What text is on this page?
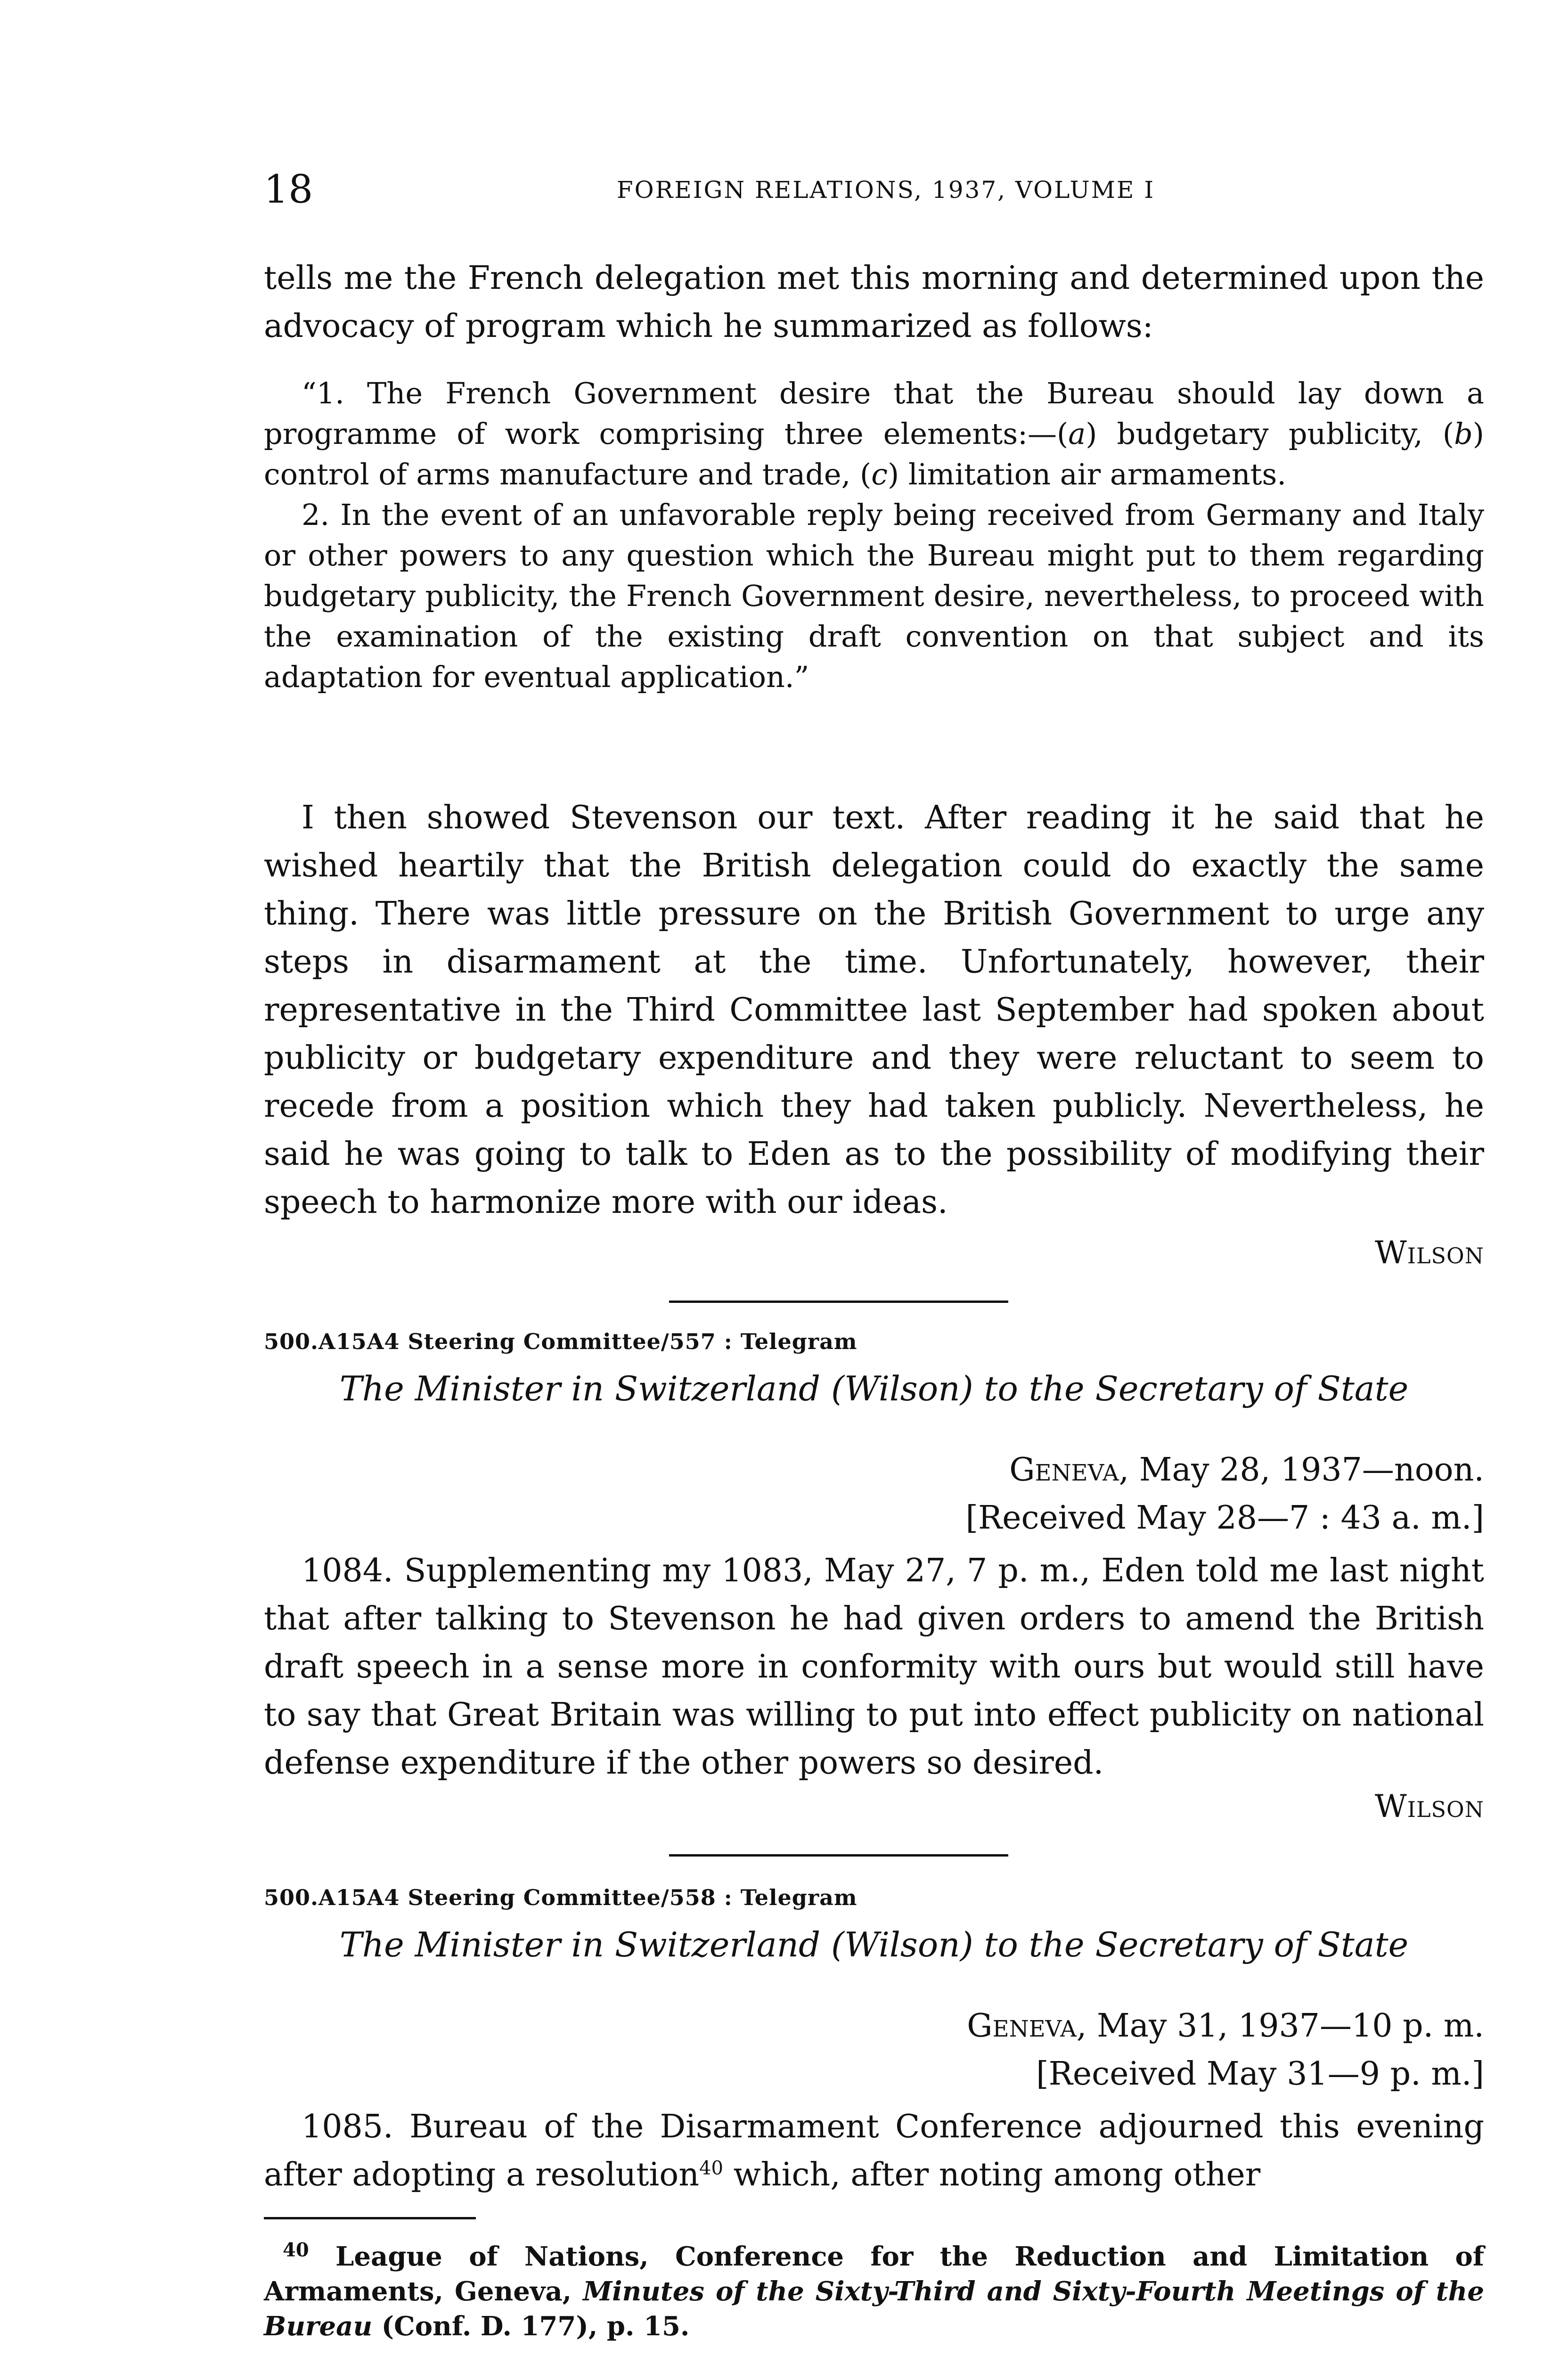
18	FOREIGN RELATIONS, 1937, VOLUME I

tells me the French delegation met this morning and determined upon the advocacy of program which he summarized as follows:

“1. The French Government desire that the Bureau should lay down a programme of work comprising three elements:—(a) budgetary publicity, (b) control of arms manufacture and trade, (c) limitation air armaments.

2. In the event of an unfavorable reply being received from Germany and Italy or other powers to any question which the Bureau might put to them regarding budgetary publicity, the French Government desire, nevertheless, to proceed with the examination of the existing draft convention on that subject and its adaptation for eventual application.”

I then showed Stevenson our text. After reading it he said that he wished heartily that the British delegation could do exactly the same thing. There was little pressure on the British Government to urge any steps in disarmament at the time. Unfortunately, however, their representative in the Third Committee last September had spoken about publicity or budgetary expenditure and they were reluctant to seem to recede from a position which they had taken publicly. Nevertheless, he said he was going to talk to Eden as to the possibility of modifying their speech to harmonize more with our ideas.

Wilson
500.A15A4 Steering Committee/557 : Telegram
The Minister in Switzerland (Wilson) to the Secretary of State
Geneva, May 28, 1937—noon.
[Received May 28—7 : 43 a. m.]

1084. Supplementing my 1083, May 27, 7 p. m., Eden told me last night that after talking to Stevenson he had given orders to amend the British draft speech in a sense more in conformity with ours but would still have to say that Great Britain was willing to put into effect publicity on national defense expenditure if the other powers so desired.

Wilson
500.A15A4 Steering Committee/558 : Telegram
The Minister in Switzerland (Wilson) to the Secretary of State
Geneva, May 31, 1937—10 p. m.
[Received May 31—9 p. m.]

1085. Bureau of the Disarmament Conference adjourned this evening after adopting a resolution$^{40}$ which, after noting among other

$^{40}$ League of Nations, Conference for the Reduction and Limitation of Armaments, Geneva, Minutes of the Sixty-Third and Sixty-Fourth Meetings of the Bureau (Conf. D. 177), p. 15.
